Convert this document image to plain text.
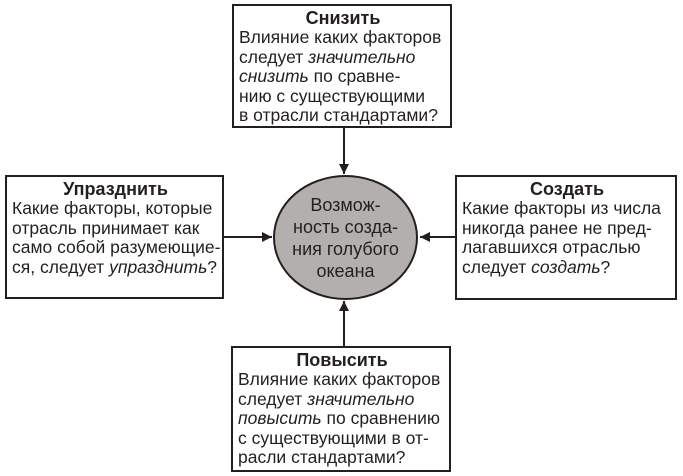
Снизить
Влияние каких факторов
следует значительно
снизить по сравне-
нию с существующими
в отрасли стандартами?
Упразднить
Какие факторы, которые
отрасль принимает как
само собой разумеющие-
ся, следует упразднить?
Создать
Какие факторы из числа
никогда ранее не пред-
лагавшихся отраслью
следует создать?
Повысить
Влияние каких факторов
следует значительно
повысить по сравнению
с существующими в от-
расли стандартами?
Возмож-
ность созда-
ния голубого
океана
